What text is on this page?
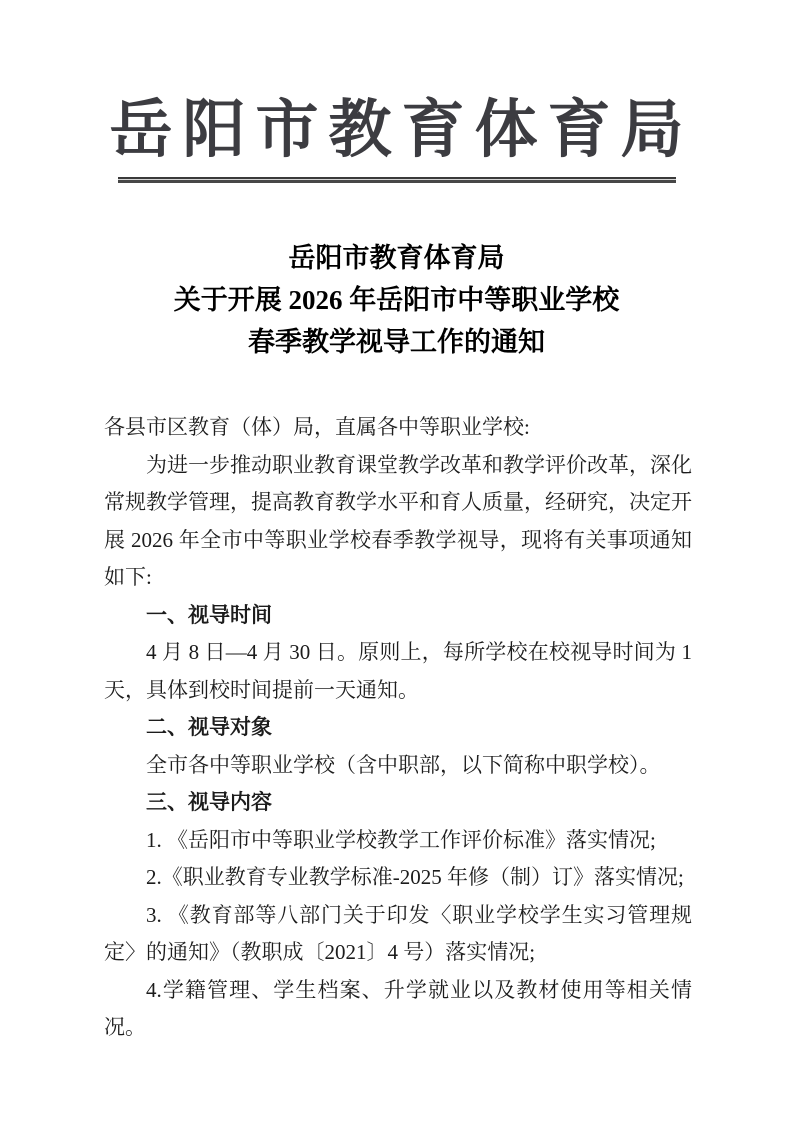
岳阳市教育体育局
岳阳市教育体育局
关于开展 2026 年岳阳市中等职业学校
春季教学视导工作的通知

各县市区教育（体）局，直属各中等职业学校:

为进一步推动职业教育课堂教学改革和教学评价改革，深化常规教学管理，提高教育教学水平和育人质量，经研究，决定开展 2026 年全市中等职业学校春季教学视导，现将有关事项通知如下:

一、视导时间

4 月 8 日—4 月 30 日。原则上，每所学校在校视导时间为 1 天，具体到校时间提前一天通知。

二、视导对象

全市各中等职业学校（含中职部，以下简称中职学校）。

三、视导内容

1. 《岳阳市中等职业学校教学工作评价标准》落实情况;

2.《职业教育专业教学标准-2025 年修（制）订》落实情况;

3. 《教育部等八部门关于印发〈职业学校学生实习管理规定〉的通知》（教职成〔2021〕4 号）落实情况;

4.学籍管理、学生档案、升学就业以及教材使用等相关情况。
